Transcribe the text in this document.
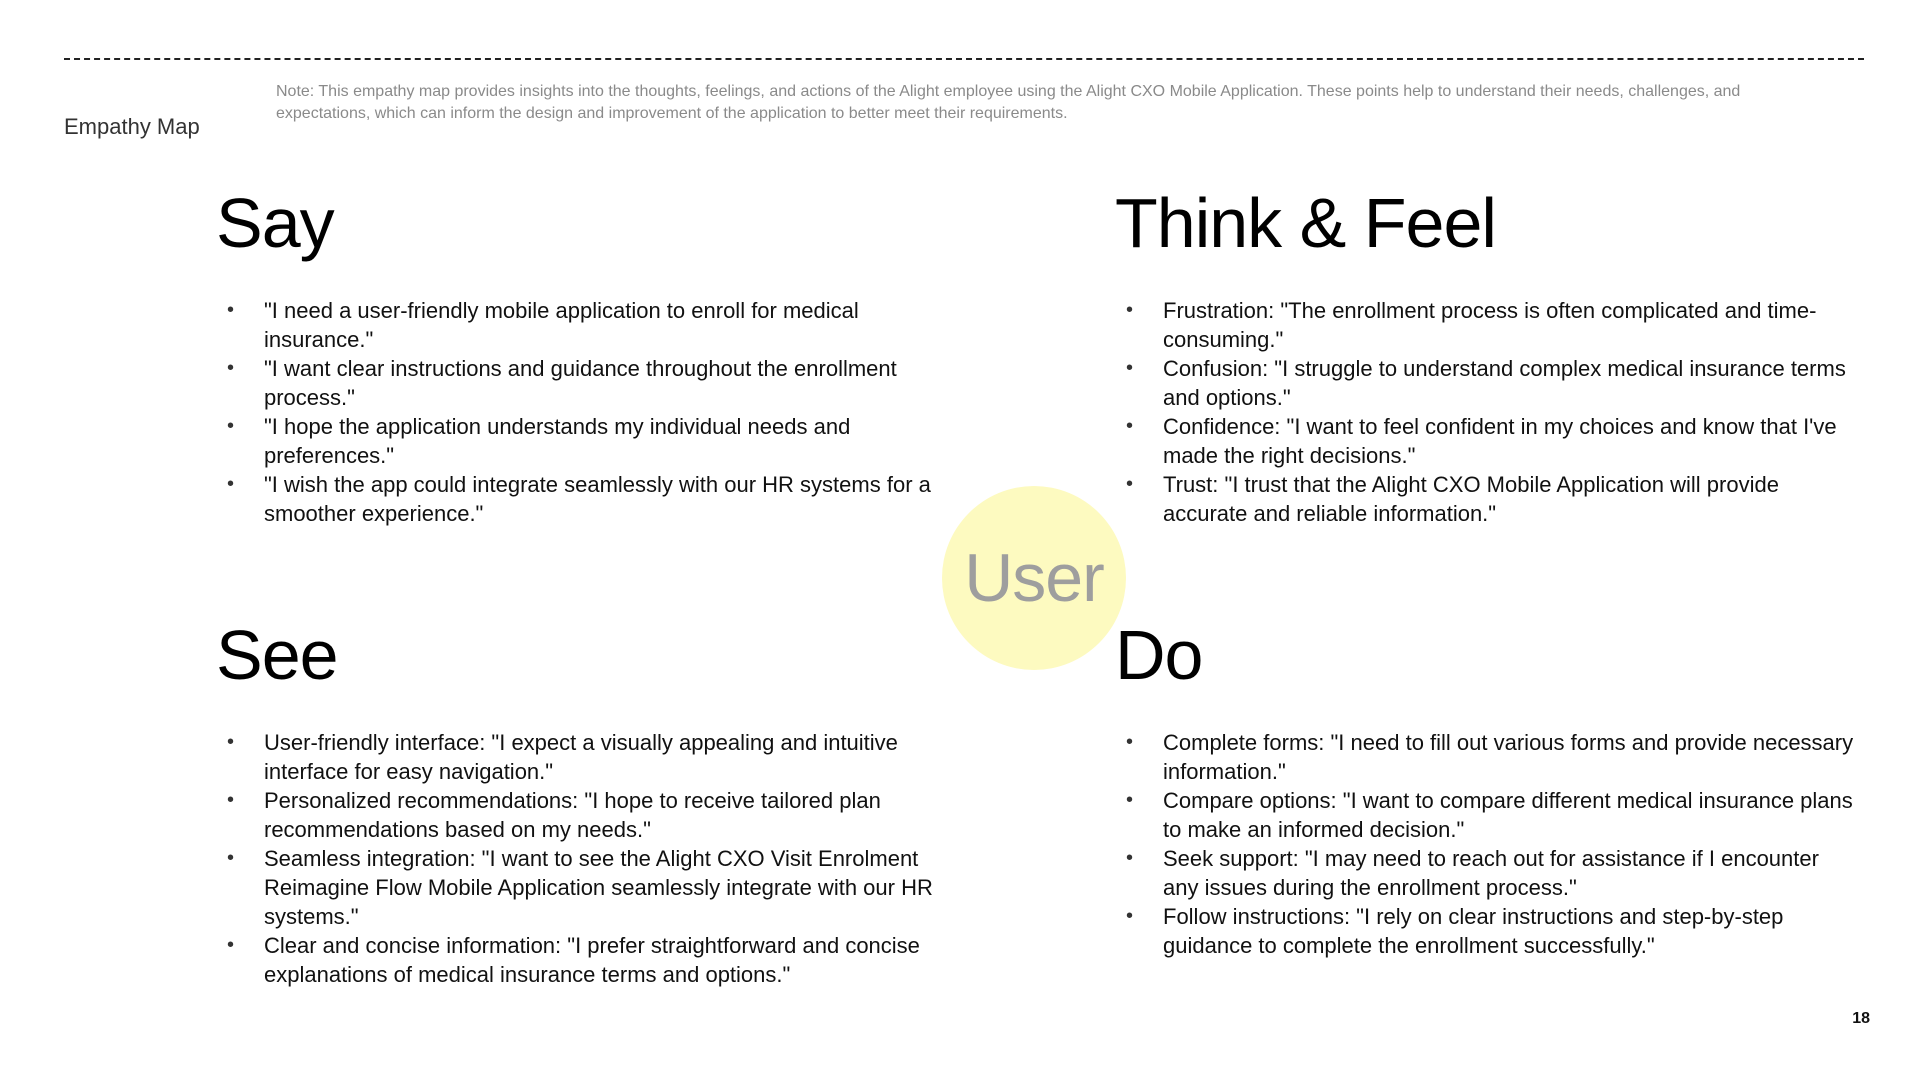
Empathy Map
Note: This empathy map provides insights into the thoughts, feelings, and actions of the Alight employee using the Alight CXO Mobile Application. These points help to understand their needs, challenges, and expectations, which can inform the design and improvement of the application to better meet their requirements.
Say
• "I need a user-friendly mobile application to enroll for medical insurance."
• "I want clear instructions and guidance throughout the enrollment process."
• "I hope the application understands my individual needs and preferences."
• "I wish the app could integrate seamlessly with our HR systems for a smoother experience."
Think & Feel
• Frustration: "The enrollment process is often complicated and time-consuming."
• Confusion: "I struggle to understand complex medical insurance terms and options."
• Confidence: "I want to feel confident in my choices and know that I've made the right decisions."
• Trust: "I trust that the Alight CXO Mobile Application will provide accurate and reliable information."
See
• User-friendly interface: "I expect a visually appealing and intuitive interface for easy navigation."
• Personalized recommendations: "I hope to receive tailored plan recommendations based on my needs."
• Seamless integration: "I want to see the Alight CXO Visit Enrolment Reimagine Flow Mobile Application seamlessly integrate with our HR systems."
• Clear and concise information: "I prefer straightforward and concise explanations of medical insurance terms and options."
Do
• Complete forms: "I need to fill out various forms and provide necessary information."
• Compare options: "I want to compare different medical insurance plans to make an informed decision."
• Seek support: "I may need to reach out for assistance if I encounter any issues during the enrollment process."
• Follow instructions: "I rely on clear instructions and step-by-step guidance to complete the enrollment successfully."
User
18
